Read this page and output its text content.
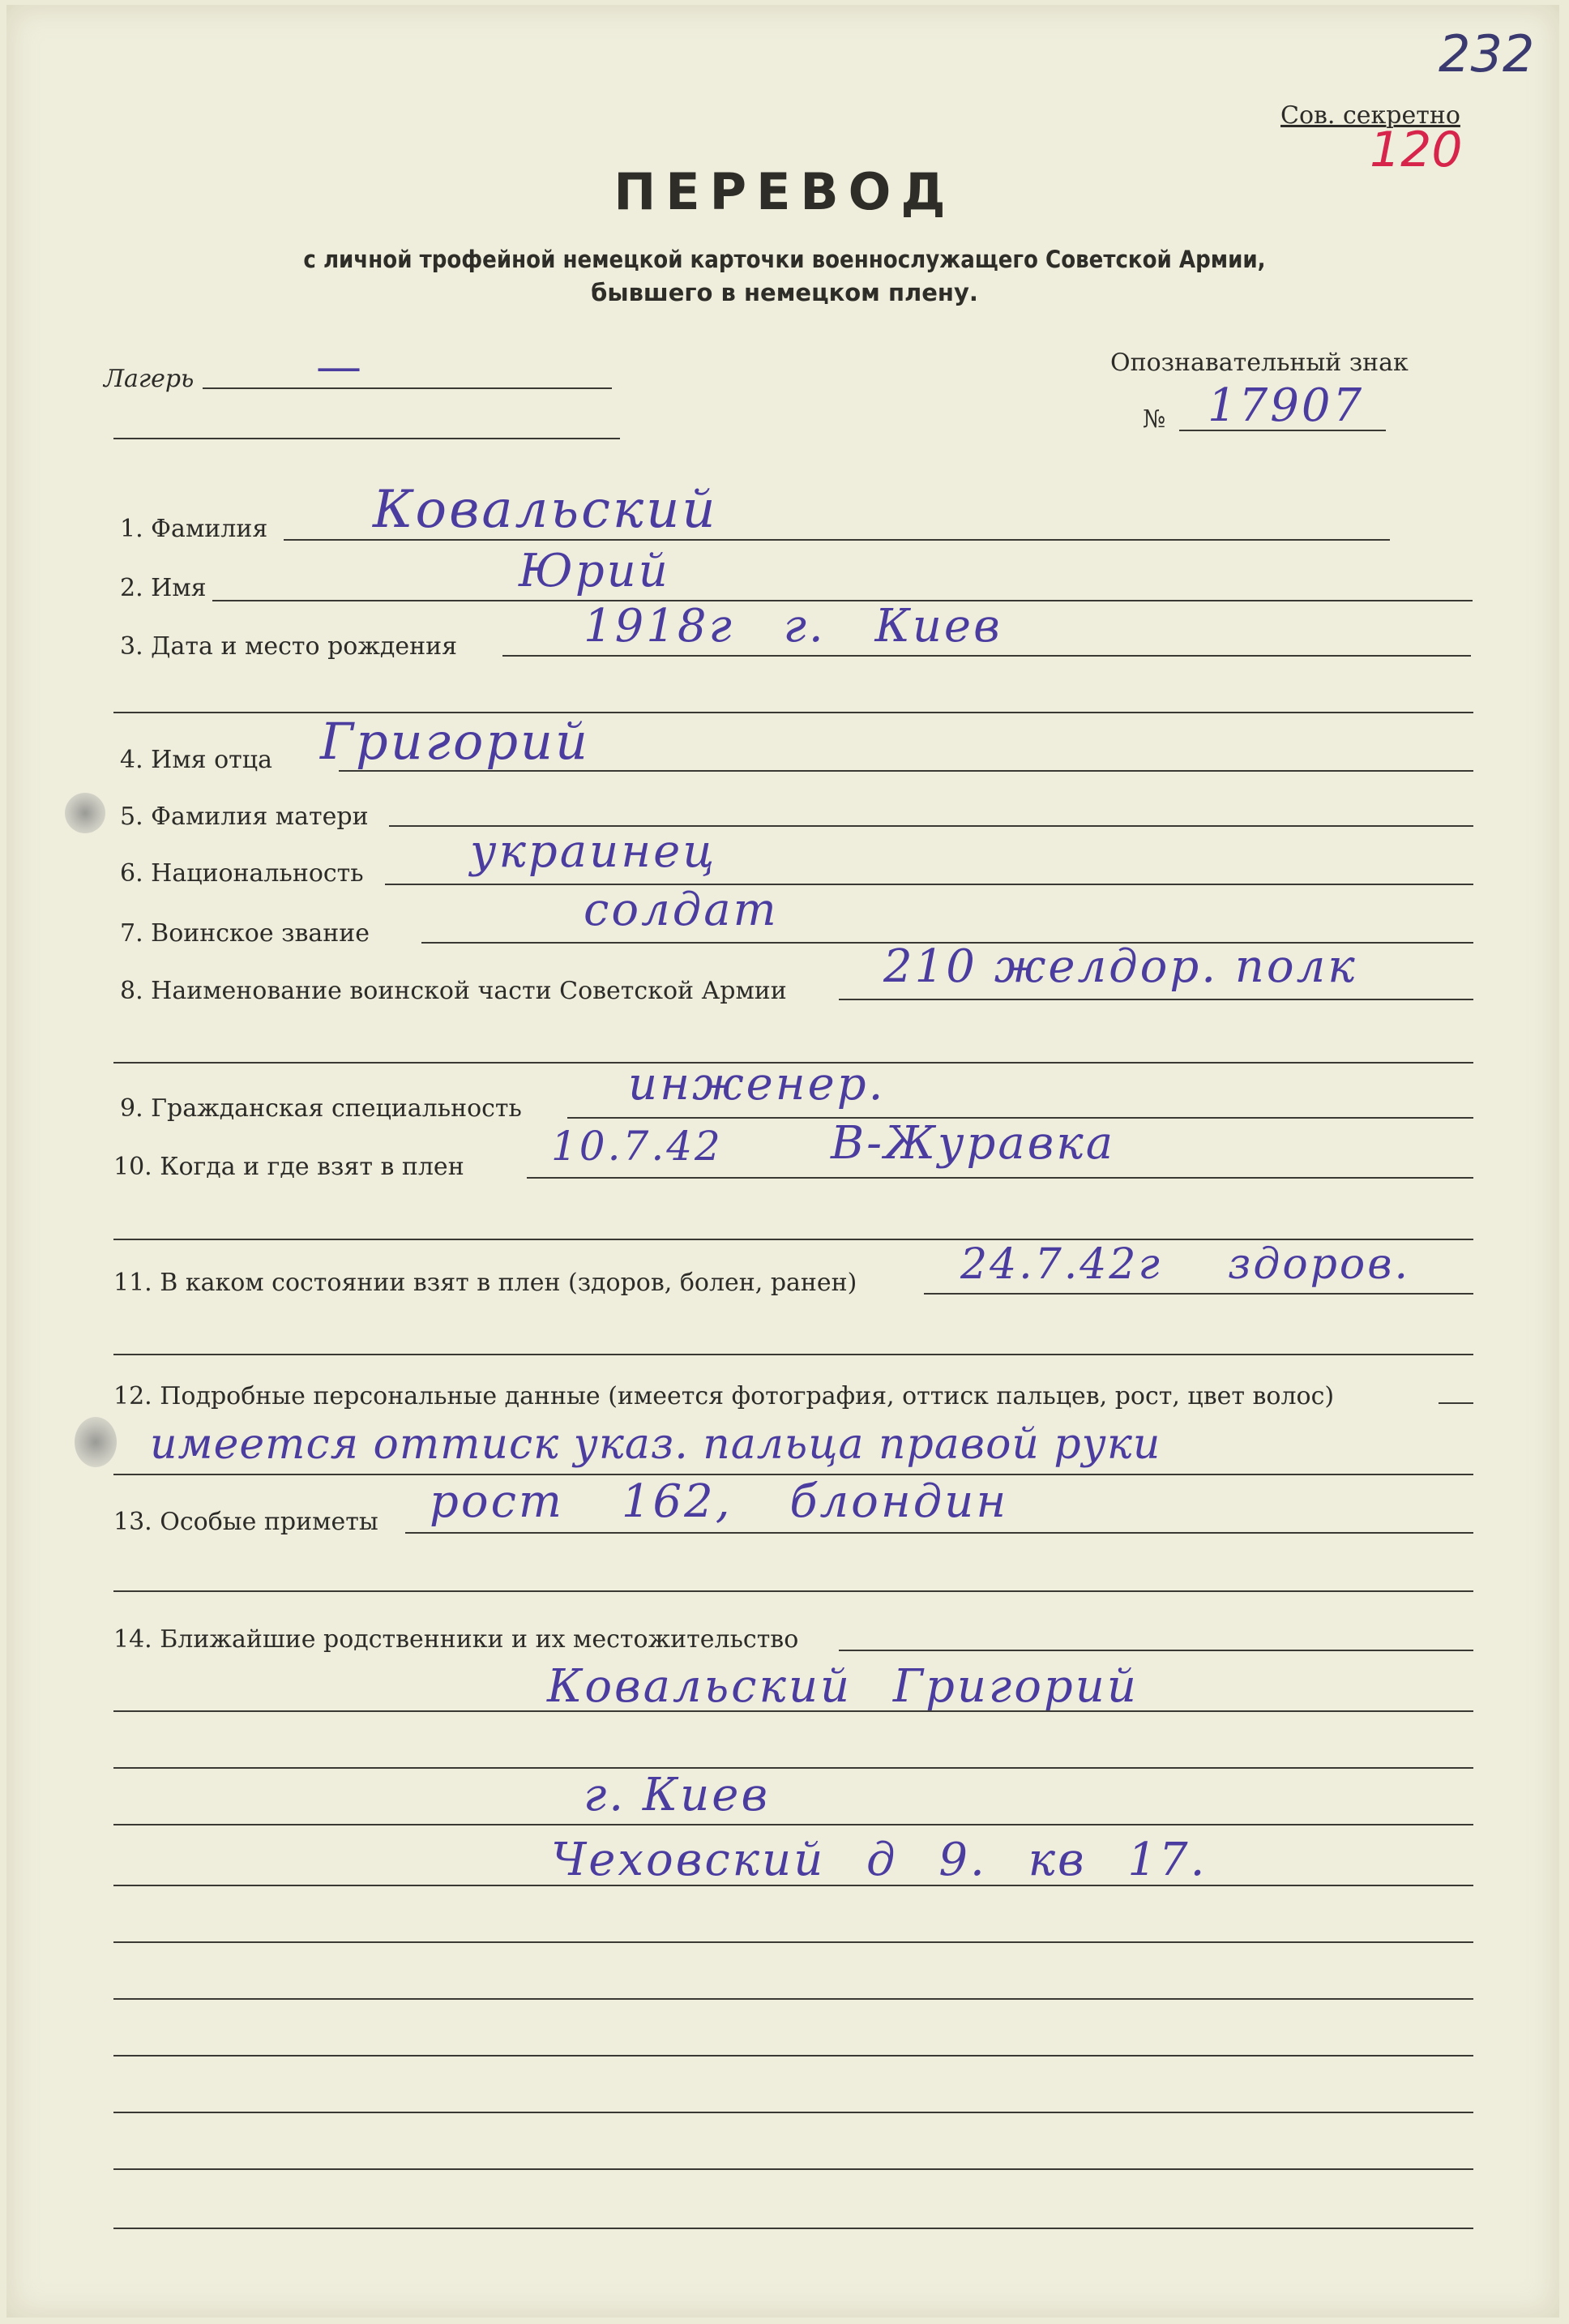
232
Сов. секретно
120
ПЕРЕВОД
с личной трофейной немецкой карточки военнослужащего Советской Армии,
бывшего в немецком плену.
Лагерь	—	Опознавательный знак
№ 17907
1. Фамилия Ковальский
2. Имя	Юрий
3. Дата и место рождения	1918г г. Киев
4. Имя отца Григорий
5. Фамилия матери
6. Национальность украинец
7. Воинское звание	солдат
8. Наименование воинской части Советской Армии 210 желдор. полк
9. Гражданская специальность инженер.
10. Когда и где взят в плен 10.7.42 В-Журавка
11. В каком состоянии взят в плен (здоров, болен, ранен) 24.7.42г здоров.
12. Подробные персональные данные (имеется фотография, оттиск пальцев, рост, цвет волос)
имеется оттиск указ. пальца правой руки
13. Особые приметы рост 162, блондин
14. Ближайшие родственники и их местожительство
Ковальский Григорий
г. Киев
Чеховский д 9. кв 17.
